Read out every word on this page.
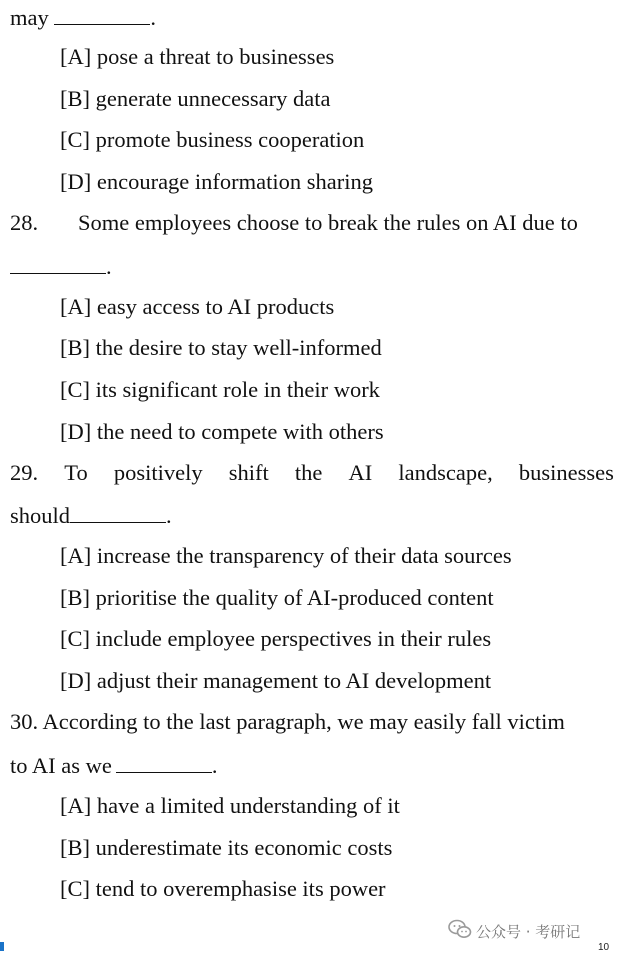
may	.
[A] pose a threat to businesses
[B] generate unnecessary data
[C] promote business cooperation
[D] encourage information sharing
28. Some employees choose to break the rules on AI due to
.
[A] easy access to AI products
[B] the desire to stay well-informed
[C] its significant role in their work
[D] the need to compete with others
29. To positively shift the AI landscape, businesses
should	.
[A] increase the transparency of their data sources
[B] prioritise the quality of AI-produced content
[C] include employee perspectives in their rules
[D] adjust their management to AI development
30. According to the last paragraph, we may easily fall victim
to AI as we	.
[A] have a limited understanding of it
[B] underestimate its economic costs
[C] tend to overemphasise its power
公众号 · 考研记
10
